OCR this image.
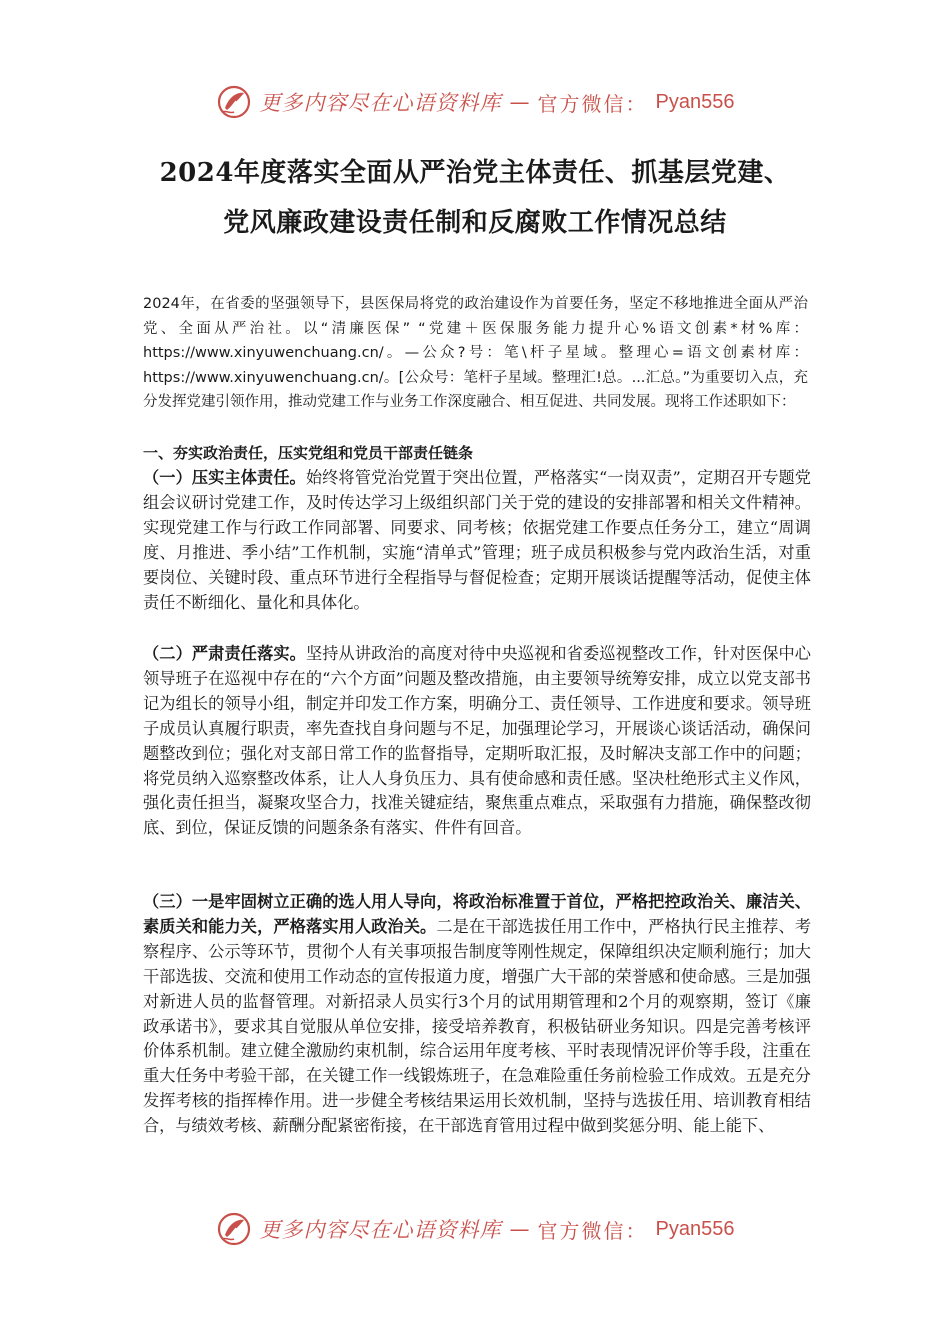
更多内容尽在心语资料库 — 官方微信： Pyan556
2024年度落实全面从严治党主体责任、抓基层党建、
党风廉政建设责任制和反腐败工作情况总结

2024年，在省委的坚强领导下，县医保局将党的政治建设作为首要任务，坚定不移地推进全面从严治党、全面从严治社。以“清廉医保” “党建＋医保服务能力提升心%语文创素*材%库：https://www.xinyuwenchuang.cn/。—公众?号：笔\杆子星域。整理心=语文创素材库：https://www.xinyuwenchuang.cn/。[公众号：笔杆子星域。整理汇!总。...汇总。”为重要切入点，充分发挥党建引领作用，推动党建工作与业务工作深度融合、相互促进、共同发展。现将工作述职如下：

一、夯实政治责任，压实党组和党员干部责任链条

（一）压实主体责任。始终将管党治党置于突出位置，严格落实“一岗双责”，定期召开专题党组会议研讨党建工作，及时传达学习上级组织部门关于党的建设的安排部署和相关文件精神。实现党建工作与行政工作同部署、同要求、同考核；依据党建工作要点任务分工，建立“周调度、月推进、季小结”工作机制，实施“清单式”管理；班子成员积极参与党内政治生活，对重要岗位、关键时段、重点环节进行全程指导与督促检查；定期开展谈话提醒等活动，促使主体责任不断细化、量化和具体化。

（二）严肃责任落实。坚持从讲政治的高度对待中央巡视和省委巡视整改工作，针对医保中心领导班子在巡视中存在的“六个方面”问题及整改措施，由主要领导统筹安排，成立以党支部书记为组长的领导小组，制定并印发工作方案，明确分工、责任领导、工作进度和要求。领导班子成员认真履行职责，率先查找自身问题与不足，加强理论学习，开展谈心谈话活动，确保问题整改到位；强化对支部日常工作的监督指导，定期听取汇报，及时解决支部工作中的问题；将党员纳入巡察整改体系，让人人身负压力、具有使命感和责任感。坚决杜绝形式主义作风，强化责任担当，凝聚攻坚合力，找准关键症结，聚焦重点难点，采取强有力措施，确保整改彻底、到位，保证反馈的问题条条有落实、件件有回音。

（三）一是牢固树立正确的选人用人导向，将政治标准置于首位，严格把控政治关、廉洁关、素质关和能力关，严格落实用人政治关。二是在干部选拔任用工作中，严格执行民主推荐、考察程序、公示等环节，贯彻个人有关事项报告制度等刚性规定，保障组织决定顺利施行；加大干部选拔、交流和使用工作动态的宣传报道力度，增强广大干部的荣誉感和使命感。三是加强对新进人员的监督管理。对新招录人员实行3个月的试用期管理和2个月的观察期，签订《廉政承诺书》，要求其自觉服从单位安排，接受培养教育，积极钻研业务知识。四是完善考核评价体系机制。建立健全激励约束机制，综合运用年度考核、平时表现情况评价等手段，注重在重大任务中考验干部，在关键工作一线锻炼班子，在急难险重任务前检验工作成效。五是充分发挥考核的指挥棒作用。进一步健全考核结果运用长效机制，坚持与选拔任用、培训教育相结合，与绩效考核、薪酬分配紧密衔接，在干部选育管用过程中做到奖惩分明、能上能下、

更多内容尽在心语资料库 — 官方微信： Pyan556
